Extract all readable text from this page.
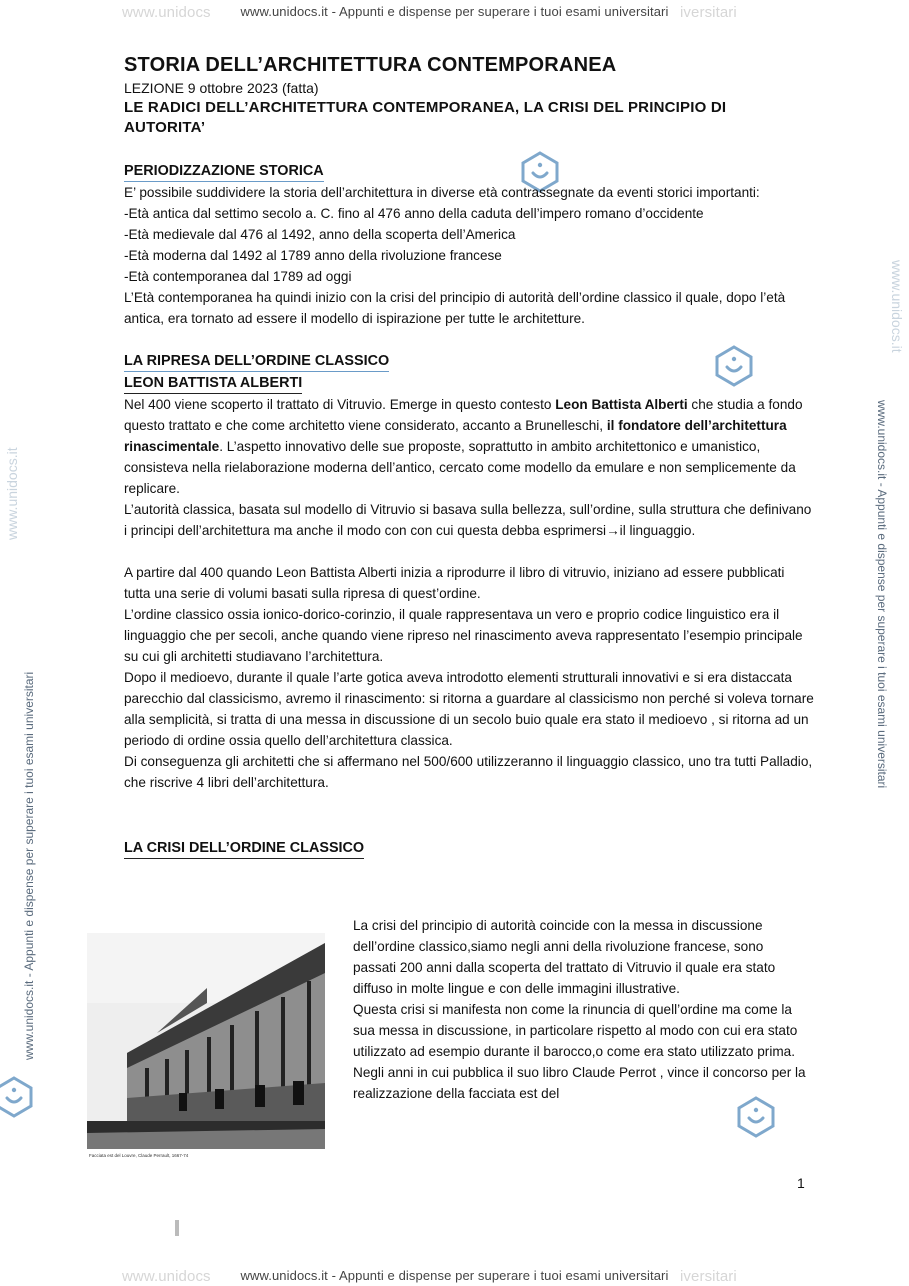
www.unidocs www.unidocs.it - Appunti e dispense per superare i tuoi esami universitari iversitari
www.unidocs.it
www.unidocs.it - Appunti e dispense per superare i tuoi esami universitari
www.unidocs.it - Appunti e dispense per superare i tuoi esami universitari
www.unidocs.it
STORIA DELL’ARCHITETTURA CONTEMPORANEA

LEZIONE 9 ottobre 2023 (fatta)

LE RADICI DELL’ARCHITETTURA CONTEMPORANEA, LA CRISI DEL PRINCIPIO DI AUTORITA’

PERIODIZZAZIONE STORICA

E’ possibile suddividere la storia dell’architettura in diverse età contrassegnate da eventi storici importanti:

-Età antica dal settimo secolo a. C. fino al 476 anno della caduta dell’impero romano d’occidente

-Età medievale dal 476 al 1492, anno della scoperta dell’America

-Età moderna dal 1492 al 1789 anno della rivoluzione francese

-Età contemporanea dal 1789 ad oggi

L’Età contemporanea ha quindi inizio con la crisi del principio di autorità dell’ordine classico il quale, dopo l’età antica, era tornato ad essere il modello di ispirazione per tutte le architetture.

LA RIPRESA DELL’ORDINE CLASSICO
LEON BATTISTA ALBERTI

Nel 400 viene scoperto il trattato di Vitruvio. Emerge in questo contesto Leon Battista Alberti che studia a fondo questo trattato e che come architetto viene considerato, accanto a Brunelleschi, il fondatore dell’architettura rinascimentale. L’aspetto innovativo delle sue proposte, soprattutto in ambito architettonico e umanistico, consisteva nella rielaborazione moderna dell’antico, cercato come modello da emulare e non semplicemente da replicare.

L’autorità classica, basata sul modello di Vitruvio si basava sulla bellezza, sull’ordine, sulla struttura che definivano i principi dell’architettura ma anche il modo con con cui questa debba esprimersi→il linguaggio.

A partire dal 400 quando Leon Battista Alberti inizia a riprodurre il libro di vitruvio, iniziano ad essere pubblicati tutta una serie di volumi basati sulla ripresa di quest’ordine.

L’ordine classico ossia ionico-dorico-corinzio, il quale rappresentava un vero e proprio codice linguistico era il linguaggio che per secoli, anche quando viene ripreso nel rinascimento aveva rappresentato l’esempio principale su cui gli architetti studiavano l’architettura.

Dopo il medioevo, durante il quale l’arte gotica aveva introdotto elementi strutturali innovativi e si era distaccata parecchio dal classicismo, avremo il rinascimento: si ritorna a guardare al classicismo non perché si voleva tornare alla semplicità, si tratta di una messa in discussione di un secolo buio quale era stato il medioevo , si ritorna ad un periodo di ordine ossia quello dell’architettura classica.

Di conseguenza gli architetti che si affermano nel 500/600 utilizzeranno il linguaggio classico, uno tra tutti Palladio, che riscrive 4 libri dell’architettura.

LA CRISI DELL’ORDINE CLASSICO
Facciata est del Louvre, Claude Perrault, 1667-74

La crisi del principio di autorità coincide con la messa in discussione dell’ordine classico,siamo negli anni della rivoluzione francese, sono passati 200 anni dalla scoperta del trattato di Vitruvio il quale era stato diffuso in molte lingue e con delle immagini illustrative.

Questa crisi si manifesta non come la rinuncia di quell’ordine ma come la sua messa in discussione, in particolare rispetto al modo con cui era stato utilizzato ad esempio durante il barocco,o come era stato utilizzato prima. Negli anni in cui pubblica il suo libro Claude Perrot , vince il concorso per la realizzazione della facciata est del

1
www.unidocs www.unidocs.it - Appunti e dispense per superare i tuoi esami universitari iversitari
